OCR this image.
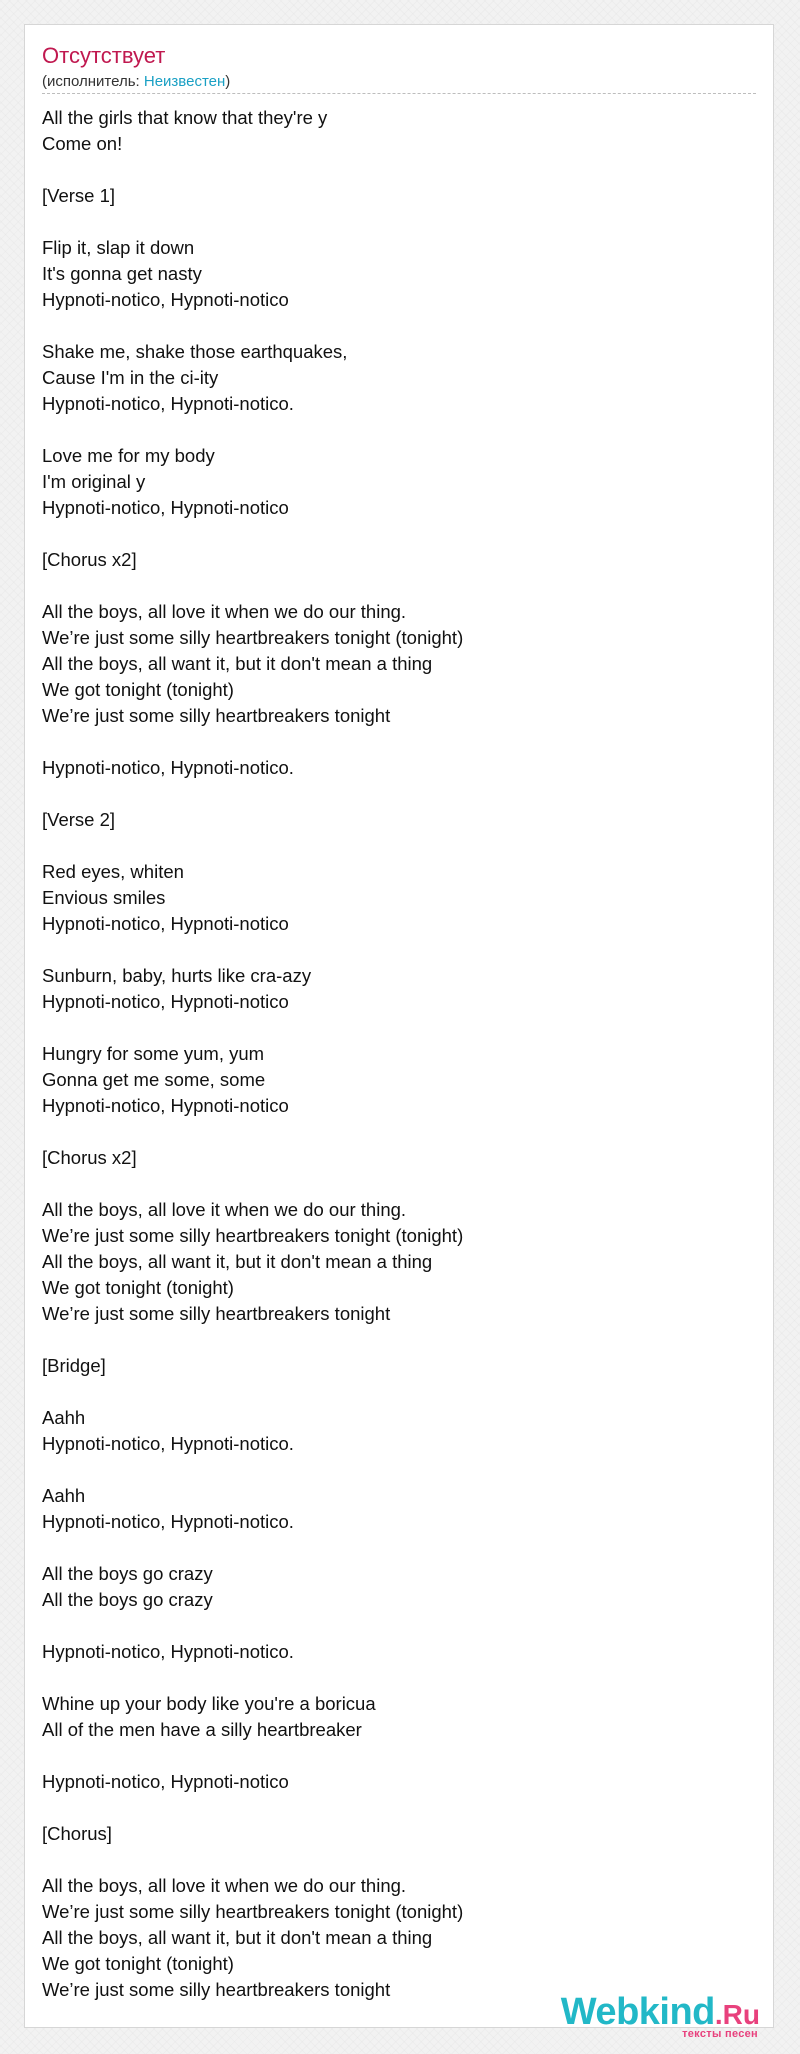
Отсутствует
(исполнитель: Неизвестен)
All the girls that know that they're y
Come on!

[Verse 1]

Flip it, slap it down
It's gonna get nasty
Hypnoti-notico, Hypnoti-notico

Shake me, shake those earthquakes,
Cause I'm in the ci-ity
Hypnoti-notico, Hypnoti-notico.

Love me for my body
I'm original y
Hypnoti-notico, Hypnoti-notico

[Chorus x2]

All the boys, all love it when we do our thing.
We’re just some silly heartbreakers tonight (tonight)
All the boys, all want it, but it don't mean a thing
We got tonight (tonight)
We’re just some silly heartbreakers tonight

Hypnoti-notico, Hypnoti-notico.

[Verse 2]

Red eyes, whiten
Envious smiles
Hypnoti-notico, Hypnoti-notico

Sunburn, baby, hurts like cra-azy
Hypnoti-notico, Hypnoti-notico

Hungry for some yum, yum
Gonna get me some, some
Hypnoti-notico, Hypnoti-notico

[Chorus x2]

All the boys, all love it when we do our thing.
We’re just some silly heartbreakers tonight (tonight)
All the boys, all want it, but it don't mean a thing
We got tonight (tonight)
We’re just some silly heartbreakers tonight

[Bridge]

Aahh
Hypnoti-notico, Hypnoti-notico.

Aahh
Hypnoti-notico, Hypnoti-notico.

All the boys go crazy
All the boys go crazy

Hypnoti-notico, Hypnoti-notico.

Whine up your body like you're a boricua
All of the men have a silly heartbreaker

Hypnoti-notico, Hypnoti-notico

[Chorus]

All the boys, all love it when we do our thing.
We’re just some silly heartbreakers tonight (tonight)
All the boys, all want it, but it don't mean a thing
We got tonight (tonight)
We’re just some silly heartbreakers tonight

Webkind.Ru
тексты песен
